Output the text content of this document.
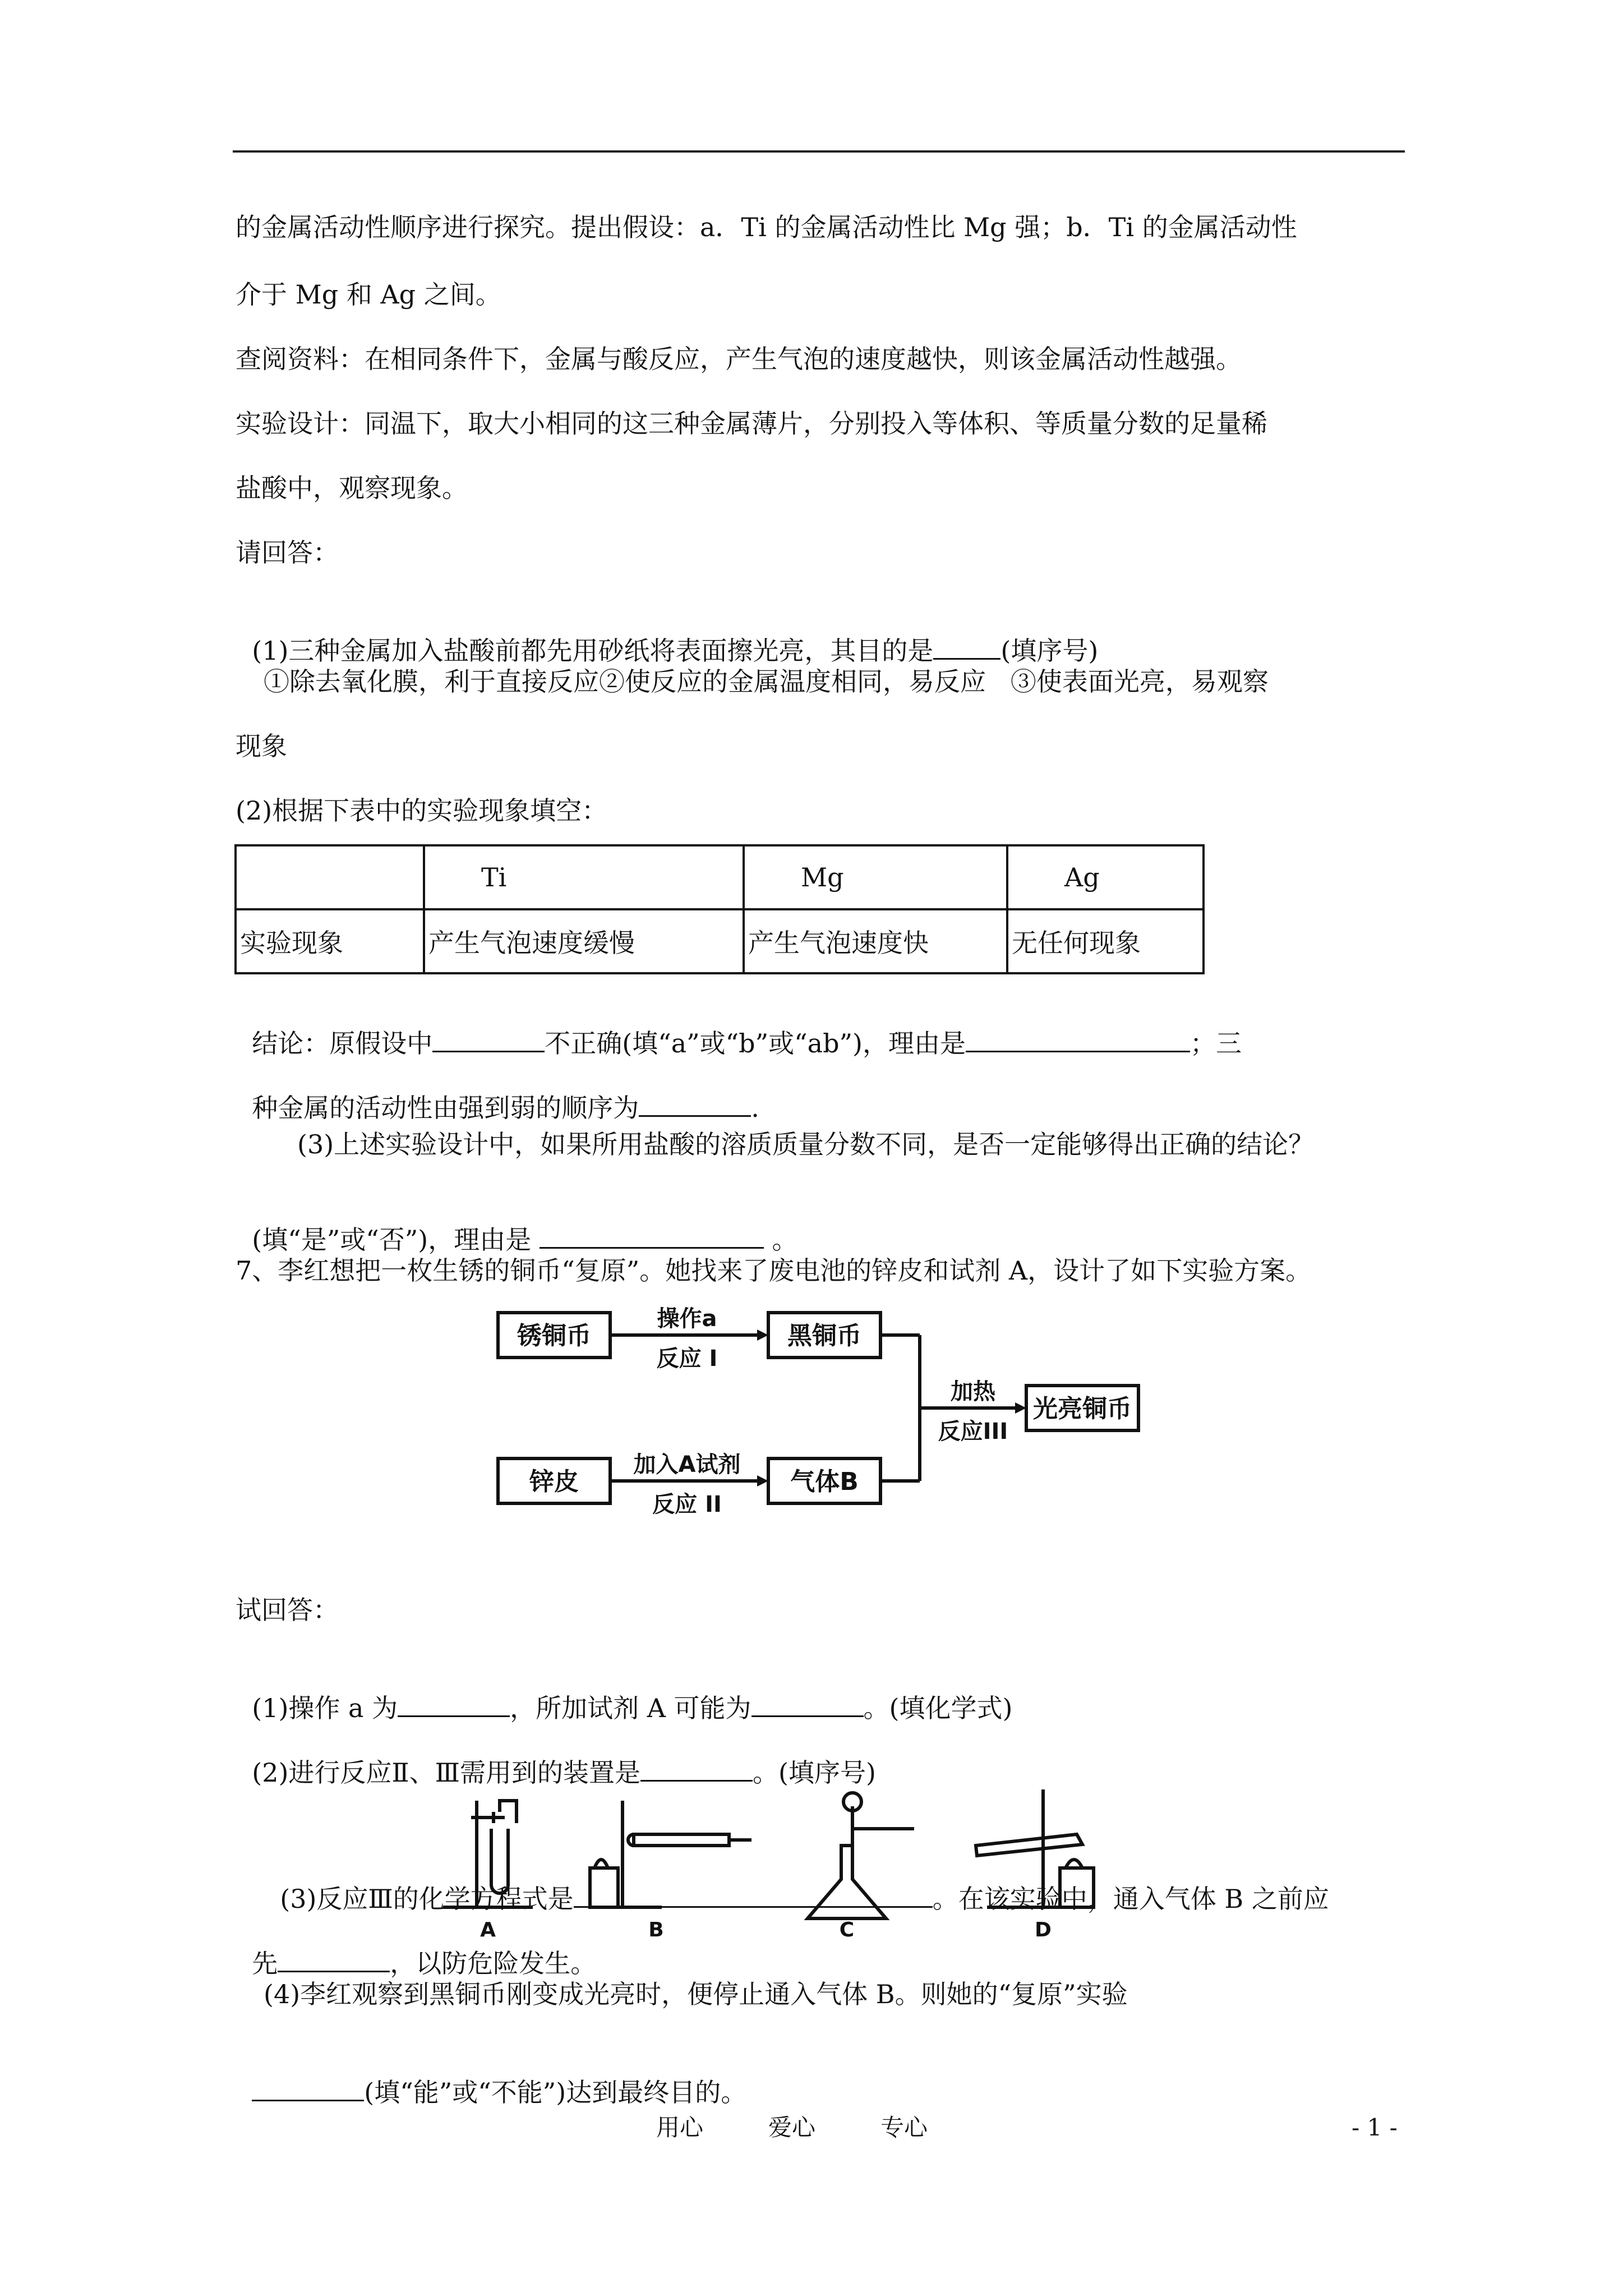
的金属活动性顺序进行探究。提出假设：a．Ti 的金属活动性比 Mg 强；b．Ti 的金属活动性
介于 Mg 和 Ag 之间。
查阅资料：在相同条件下，金属与酸反应，产生气泡的速度越快，则该金属活动性越强。
实验设计：同温下，取大小相同的这三种金属薄片，分别投入等体积、等质量分数的足量稀
盐酸中，观察现象。
请回答：

(1)三种金属加入盐酸前都先用砂纸将表面擦光亮，其目的是	(填序号)

①除去氧化膜，利于直接反应②使反应的金属温度相同，易反应   ③使表面光亮，易观察
现象
(2)根据下表中的实验现象填空：
	Ti	Mg	Ag
实验现象	产生气泡速度缓慢	产生气泡速度快	无任何现象

结论：原假设中	不正确(填“a”或“b”或“ab”)，理由是	；三

种金属的活动性由强到弱的顺序为	.

(3)上述实验设计中，如果所用盐酸的溶质质量分数不同，是否一定能够得出正确的结论？

(填“是”或“否”)，理由是	。

7、李红想把一枚生锈的铜币“复原”。她找来了废电池的锌皮和试剂 A，设计了如下实验方案。
锈铜币	黑铜币
锌皮	气体B
光亮铜币
操作a
反应 I
加入A试剂
反应 II
加热
反应III
试回答：

(1)操作 a 为	，所加试剂 A 可能为	。(填化学式)

(2)进行反应Ⅱ、Ⅲ需用到的装置是	。(填序号)

A	B	C	D

(3)反应Ⅲ的化学方程式是	。在该实验中，通入气体 B 之前应

先	，以防危险发生。

(4)李红观察到黑铜币刚变成光亮时，便停止通入气体 B。则她的“复原”实验

(填“能”或“不能”)达到最终目的。

用心	爱心	专心	- 1 -
